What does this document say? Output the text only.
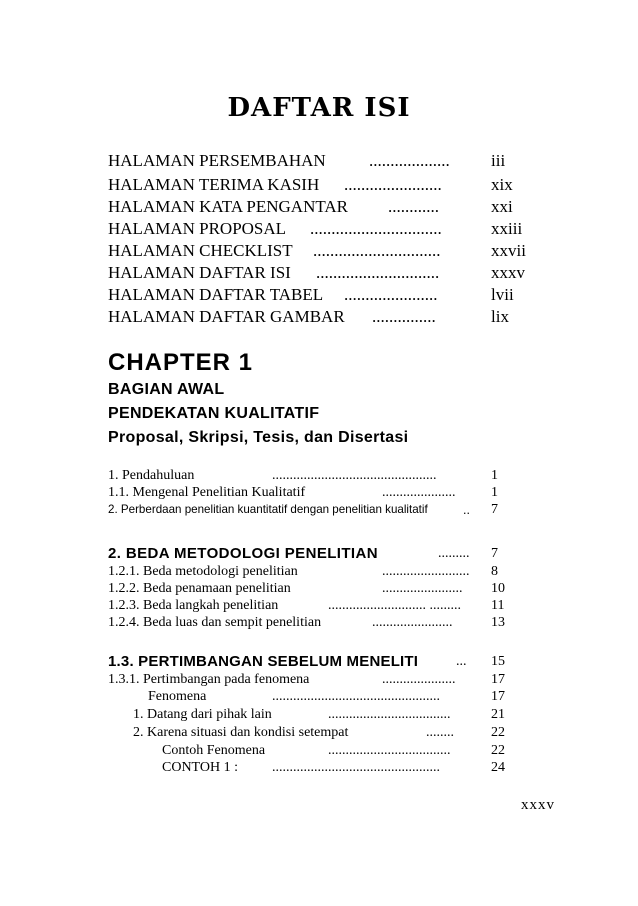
DAFTAR ISI
HALAMAN PERSEMBAHAN	................... iii
HALAMAN TERIMA KASIH .......................	xix
HALAMAN KATA PENGANTAR ............	xxi
HALAMAN PROPOSAL ...............................	xxiii
HALAMAN CHECKLIST ..............................	xxvii
HALAMAN DAFTAR ISI .............................	xxxv
HALAMAN DAFTAR TABEL ......................	lvii
HALAMAN DAFTAR GAMBAR ...............	lix
CHAPTER 1
BAGIAN AWAL
PENDEKATAN KUALITATIF
Proposal, Skripsi, Tesis, dan Disertasi
1. Pendahuluan	...............................................	1
1.1. Mengenal Penelitian Kualitatif	.....................	1
2. Perberdaan penelitian kuantitatif dengan penelitian kualitatif	.. 7
2. BEDA METODOLOGI PENELITIAN	......... 7
1.2.1. Beda metodologi penelitian	......................... 8
1.2.2. Beda penamaan penelitian	....................... 10
1.2.3. Beda langkah penelitian	............................ ......... 11
1.2.4. Beda luas dan sempit penelitian	.......................	13
1.3. PERTIMBANGAN SEBELUM MENELITI	... 15
1.3.1. Pertimbangan pada fenomena	.....................	17
Fenomena	................................................	17
1. Datang dari pihak lain	...................................	21
2. Karena situasi dan kondisi setempat	........	22
Contoh Fenomena	...................................	22
CONTOH 1 : ................................................	24
xxxv
